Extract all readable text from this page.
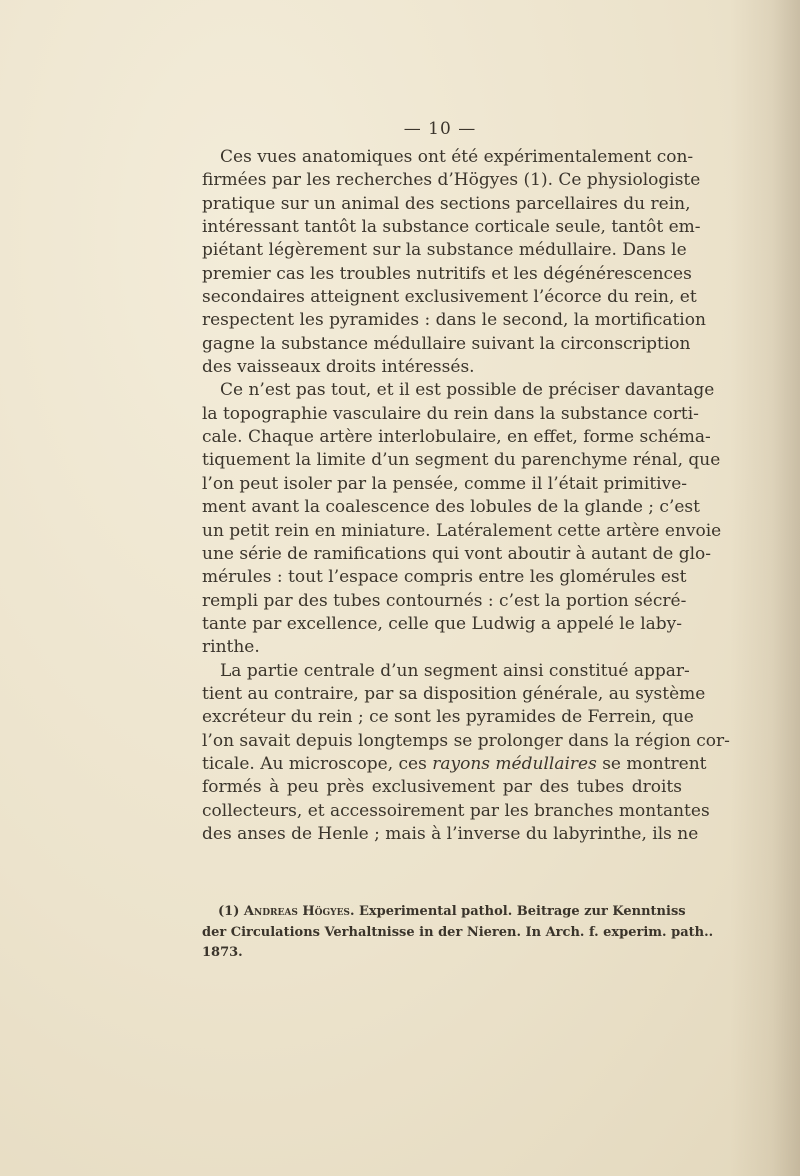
— 10 —
Ces vues anatomiques ont été expérimentalement con-
firmées par les recherches d’Högyes (1). Ce physiologiste
pratique sur un animal des sections parcellaires du rein,
intéressant tantôt la substance corticale seule, tantôt em-
piétant légèrement sur la substance médullaire. Dans le
premier cas les troubles nutritifs et les dégénérescences
secondaires atteignent exclusivement l’écorce du rein, et
respectent les pyramides : dans le second, la mortification
gagne la substance médullaire suivant la circonscription
des vaisseaux droits intéressés.
Ce n’est pas tout, et il est possible de préciser davantage
la topographie vasculaire du rein dans la substance corti-
cale. Chaque artère interlobulaire, en effet, forme schéma-
tiquement la limite d’un segment du parenchyme rénal, que
l’on peut isoler par la pensée, comme il l’était primitive-
ment avant la coalescence des lobules de la glande ; c’est
un petit rein en miniature. Latéralement cette artère envoie
une série de ramifications qui vont aboutir à autant de glo-
mérules : tout l’espace compris entre les glomérules est
rempli par des tubes contournés : c’est la portion sécré-
tante par excellence, celle que Ludwig a appelé le laby-
rinthe.
La partie centrale d’un segment ainsi constitué appar-
tient au contraire, par sa disposition générale, au système
excréteur du rein ; ce sont les pyramides de Ferrein, que
l’on savait depuis longtemps se prolonger dans la région cor-
ticale. Au microscope, ces rayons médullaires se montrent
formés à peu près exclusivement par des tubes droits
collecteurs, et accessoirement par les branches montantes
des anses de Henle ; mais à l’inverse du labyrinthe, ils ne
(1) Andreas Högyes. Experimental pathol. Beitrage zur Kenntniss
der Circulations Verhaltnisse in der Nieren. In Arch. f. experim. path..
1873.
